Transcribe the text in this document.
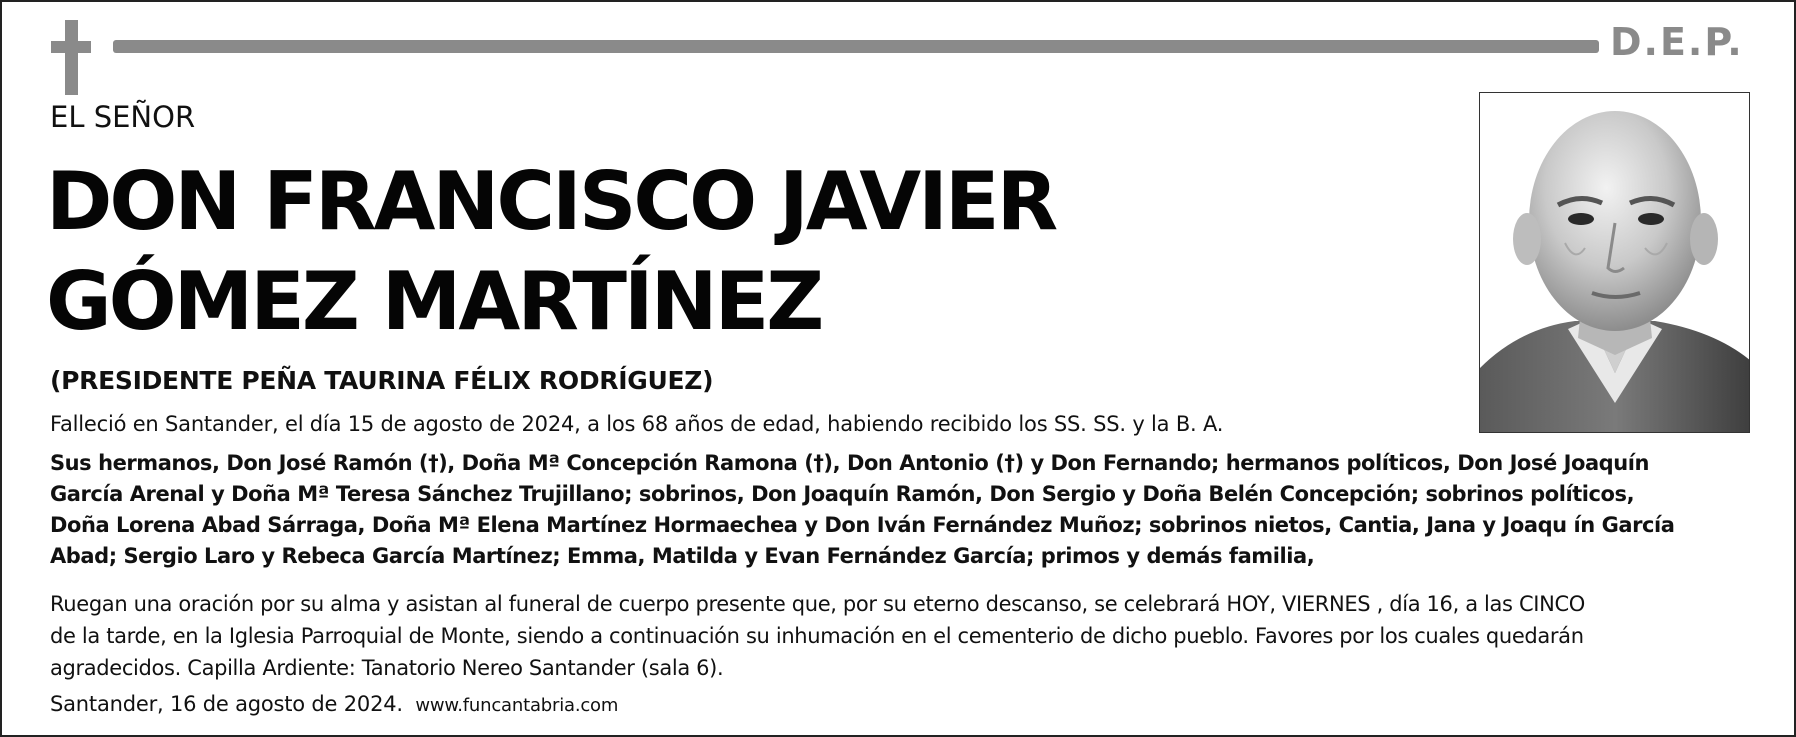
D.E.P.
EL SEÑOR
DON FRANCISCO JAVIER
GÓMEZ MARTÍNEZ
(PRESIDENTE PEÑA TAURINA FÉLIX RODRÍGUEZ)
Falleció en Santander, el día 15 de agosto de 2024, a los 68 años de edad, habiendo recibido los SS. SS. y la B. A.
Sus hermanos, Don José Ramón (†), Doña Mª Concepción Ramona (†), Don Antonio (†) y Don Fernando; hermanos políticos, Don José Joaquín
García Arenal y Doña Mª Teresa Sánchez Trujillano; sobrinos, Don Joaquín Ramón, Don Sergio y Doña Belén Concepción; sobrinos políticos,
Doña Lorena Abad Sárraga, Doña Mª Elena Martínez Hormaechea y Don Iván Fernández Muñoz; sobrinos nietos, Cantia, Jana y Joaqu ín García
Abad; Sergio Laro y Rebeca García Martínez; Emma, Matilda y Evan Fernández García; primos y demás familia,
Ruegan una oración por su alma y asistan al funeral de cuerpo presente que, por su eterno descanso, se celebrará HOY, VIERNES , día 16, a las CINCO
de la tarde, en la Iglesia Parroquial de Monte, siendo a continuación su inhumación en el cementerio de dicho pueblo. Favores por los cuales quedarán
agradecidos. Capilla Ardiente: Tanatorio Nereo Santander (sala 6).
Santander, 16 de agosto de 2024. www.funcantabria.com
